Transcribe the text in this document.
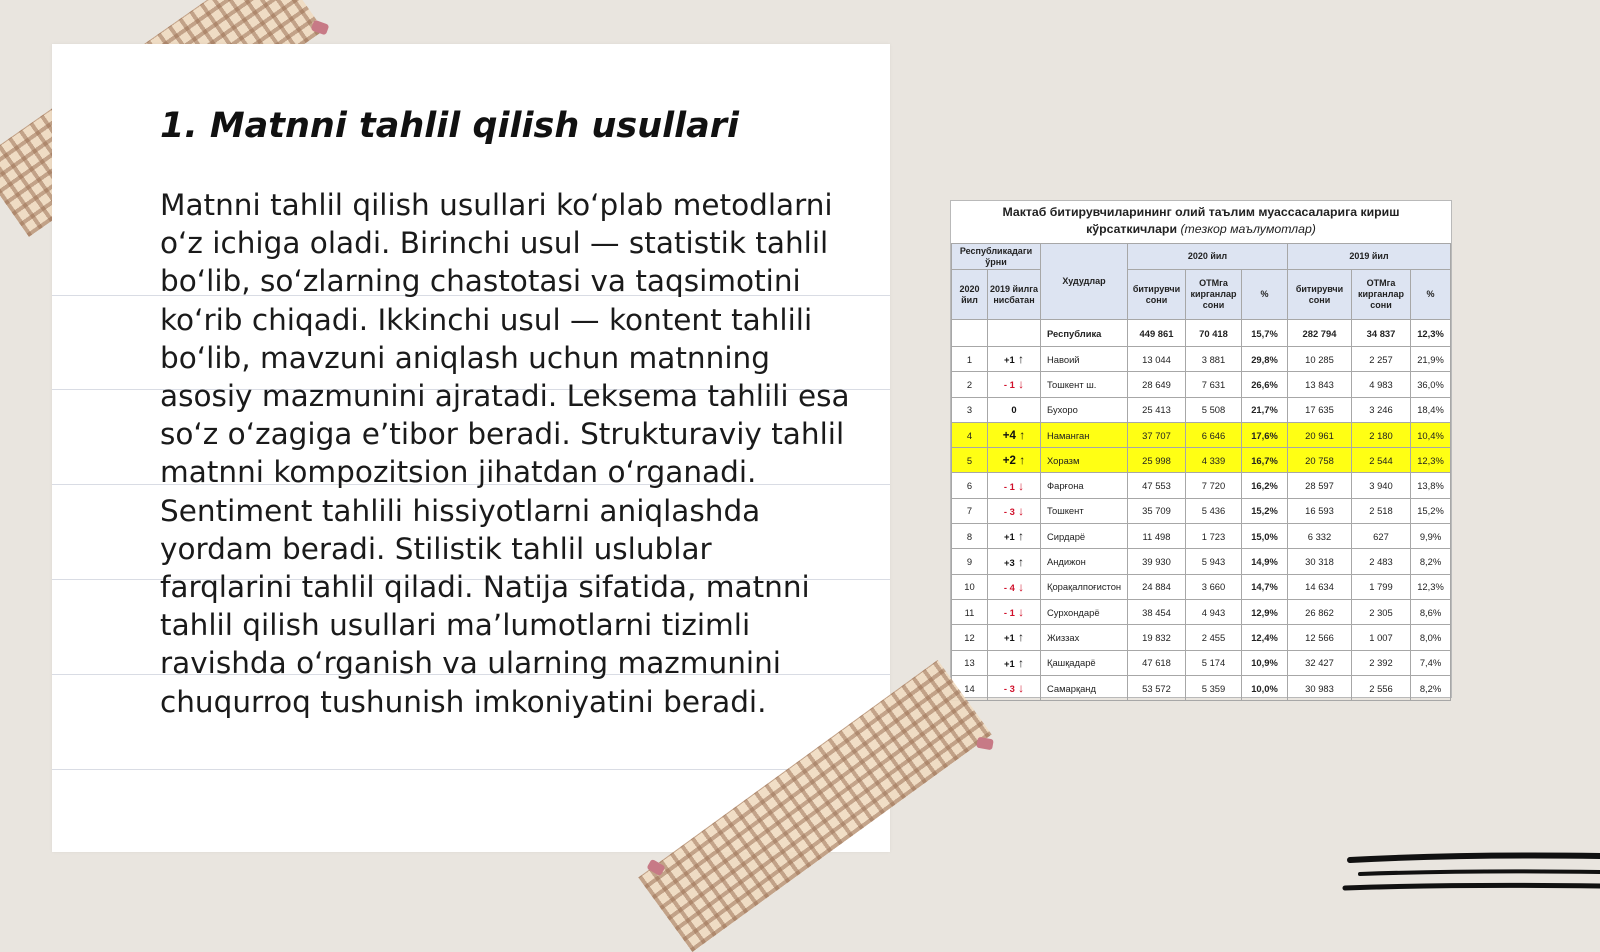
1. Matnni tahlil qilish usullari

Matnni tahlil qilish usullari ko‘plab metodlarni o‘z ichiga oladi. Birinchi usul — statistik tahlil bo‘lib, so‘zlarning chastotasi va taqsimotini ko‘rib chiqadi. Ikkinchi usul — kontent tahlili bo‘lib, mavzuni aniqlash uchun matnning asosiy mazmunini ajratadi. Leksema tahlili esa so‘z o‘zagiga e’tibor beradi. Strukturaviy tahlil matnni kompozitsion jihatdan o‘rganadi. Sentiment tahlili hissiyotlarni aniqlashda yordam beradi. Stilistik tahlil uslublar farqlarini tahlil qiladi. Natija sifatida, matnni tahlil qilish usullari ma’lumotlarni tizimli ravishda o‘rganish va ularning mazmunini chuqurroq tushunish imkoniyatini beradi.

Мактаб битирувчиларининг олий таълим муассасаларига кириш
кўрсаткичлари (тезкор маълумотлар)
Республикадаги ўрни		Худудлар	2020 йил			2019 йил		
2020 йил	2019 йилга нисбатан		битирувчи сони	ОТМга кирганлар сони	%	битирувчи сони	ОТМга кирганлар сони	%
		Республика	449 861	70 418	15,7%	282 794	34 837	12,3%
1	+1 ↑	Навоий	13 044	3 881	29,8%	10 285	2 257	21,9%
2	- 1 ↓	Тошкент ш.	28 649	7 631	26,6%	13 843	4 983	36,0%
3	0	Бухоро	25 413	5 508	21,7%	17 635	3 246	18,4%
4	+4 ↑	Наманган	37 707	6 646	17,6%	20 961	2 180	10,4%
5	+2 ↑	Хоразм	25 998	4 339	16,7%	20 758	2 544	12,3%
6	- 1 ↓	Фарғона	47 553	7 720	16,2%	28 597	3 940	13,8%
7	- 3 ↓	Тошкент	35 709	5 436	15,2%	16 593	2 518	15,2%
8	+1 ↑	Сирдарё	11 498	1 723	15,0%	6 332	627	9,9%
9	+3 ↑	Андижон	39 930	5 943	14,9%	30 318	2 483	8,2%
10	- 4 ↓	Қорақалпоғистон	24 884	3 660	14,7%	14 634	1 799	12,3%
11	- 1 ↓	Сурхондарё	38 454	4 943	12,9%	26 862	2 305	8,6%
12	+1 ↑	Жиззах	19 832	2 455	12,4%	12 566	1 007	8,0%
13	+1 ↑	Қашқадарё	47 618	5 174	10,9%	32 427	2 392	7,4%
14	- 3 ↓	Самарқанд	53 572	5 359	10,0%	30 983	2 556	8,2%
